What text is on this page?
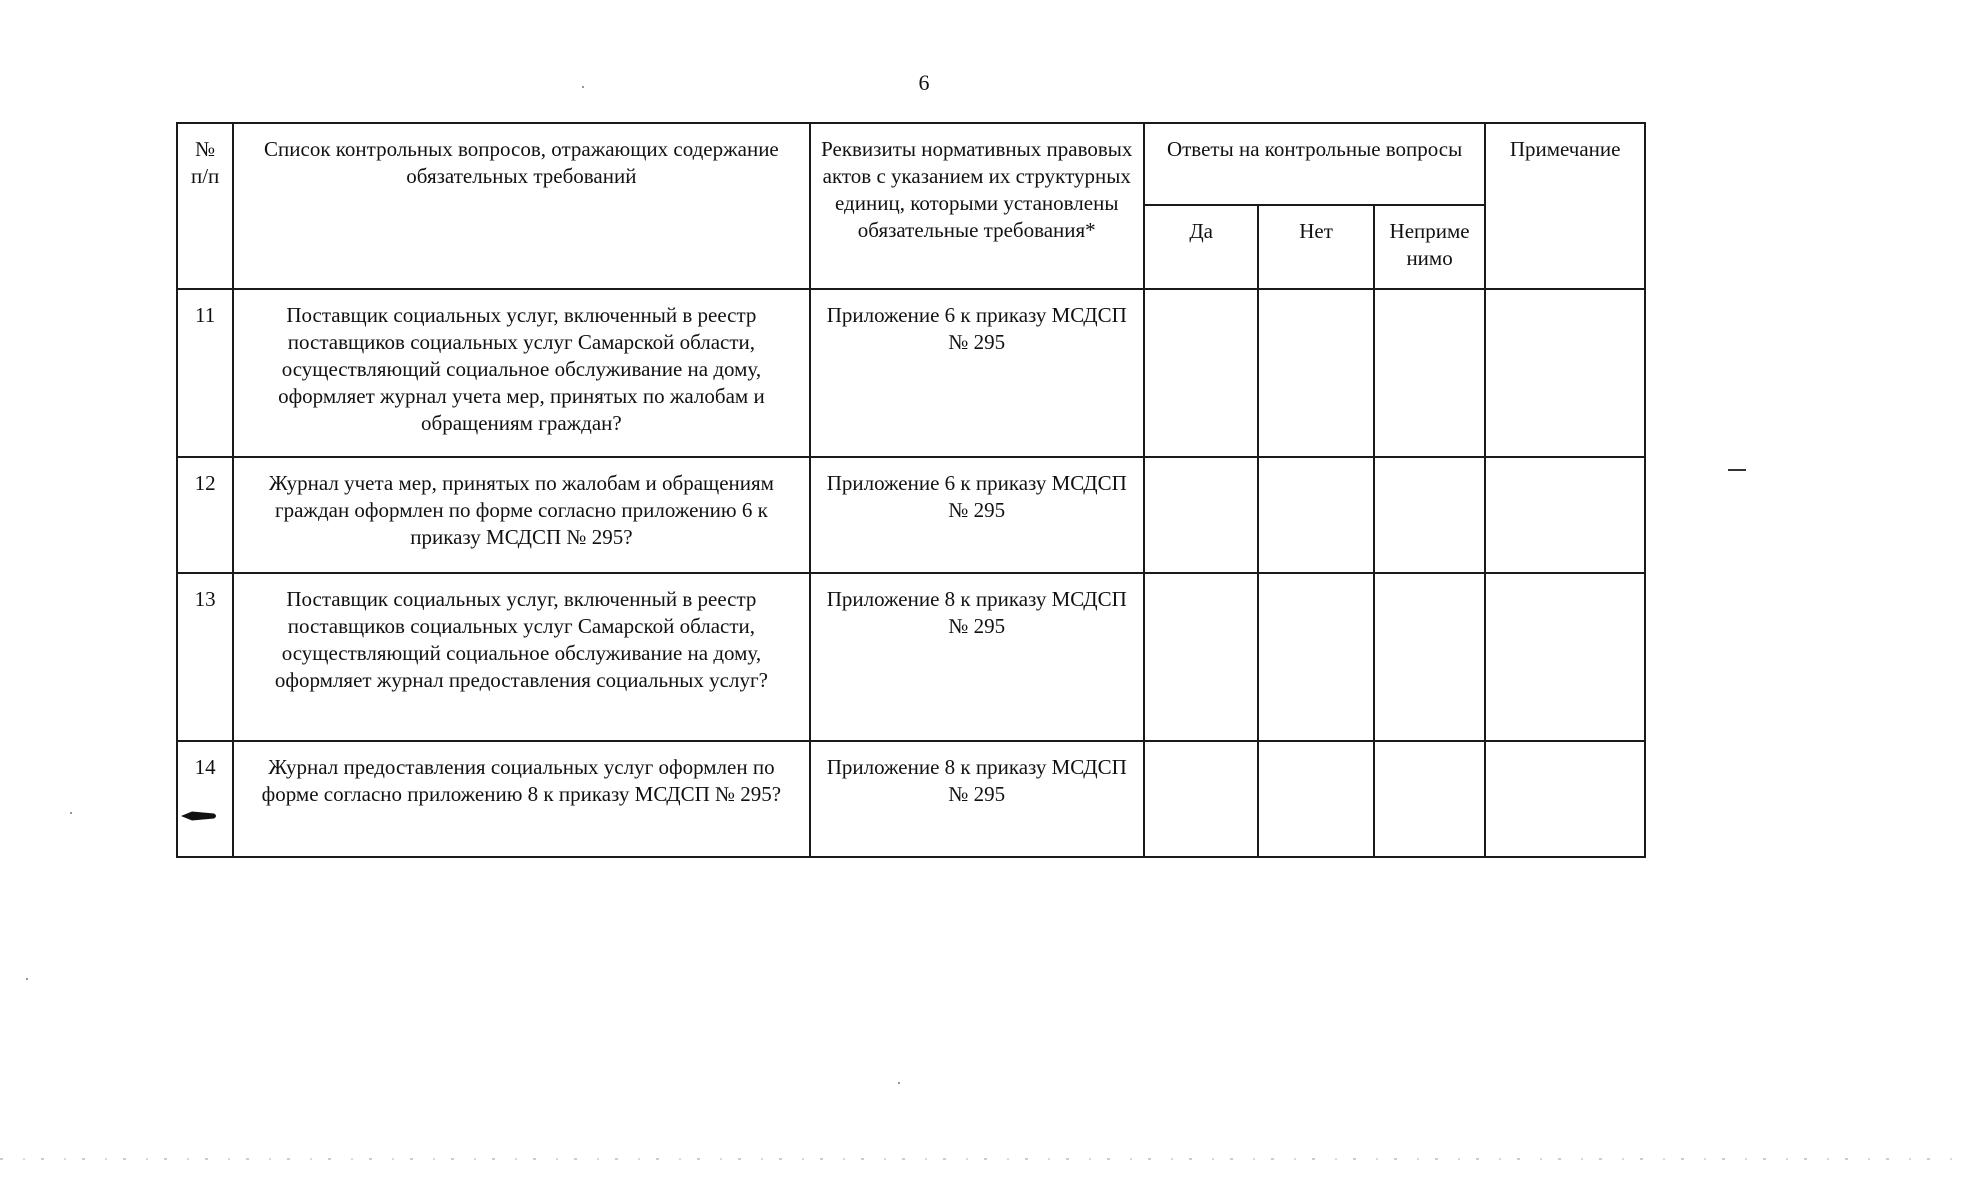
6
№ п/п	Список контрольных вопросов, отражающих содержание обязательных требований	Реквизиты нормативных правовых актов с указанием их структурных единиц, которыми установлены обязательные требования*	Ответы на контрольные вопросы			Примечание
			Да	Нет	Неприме нимо	
11	Поставщик социальных услуг, включенный в реестр поставщиков социальных услуг Самарской области, осуществляющий социальное обслуживание на дому, оформляет журнал учета мер, принятых по жалобам и обращениям граждан?	Приложение 6 к приказу МСДСП № 295				
12	Журнал учета мер, принятых по жалобам и обращениям граждан оформлен по форме согласно приложению 6 к приказу МСДСП № 295?	Приложение 6 к приказу МСДСП № 295				
13	Поставщик социальных услуг, включенный в реестр поставщиков социальных услуг Самарской области, осуществляющий социальное обслуживание на дому, оформляет журнал предоставления социальных услуг?	Приложение 8 к приказу МСДСП № 295				
14	Журнал предоставления социальных услуг оформлен по форме согласно приложению 8 к приказу МСДСП № 295?	Приложение 8 к приказу МСДСП № 295				
